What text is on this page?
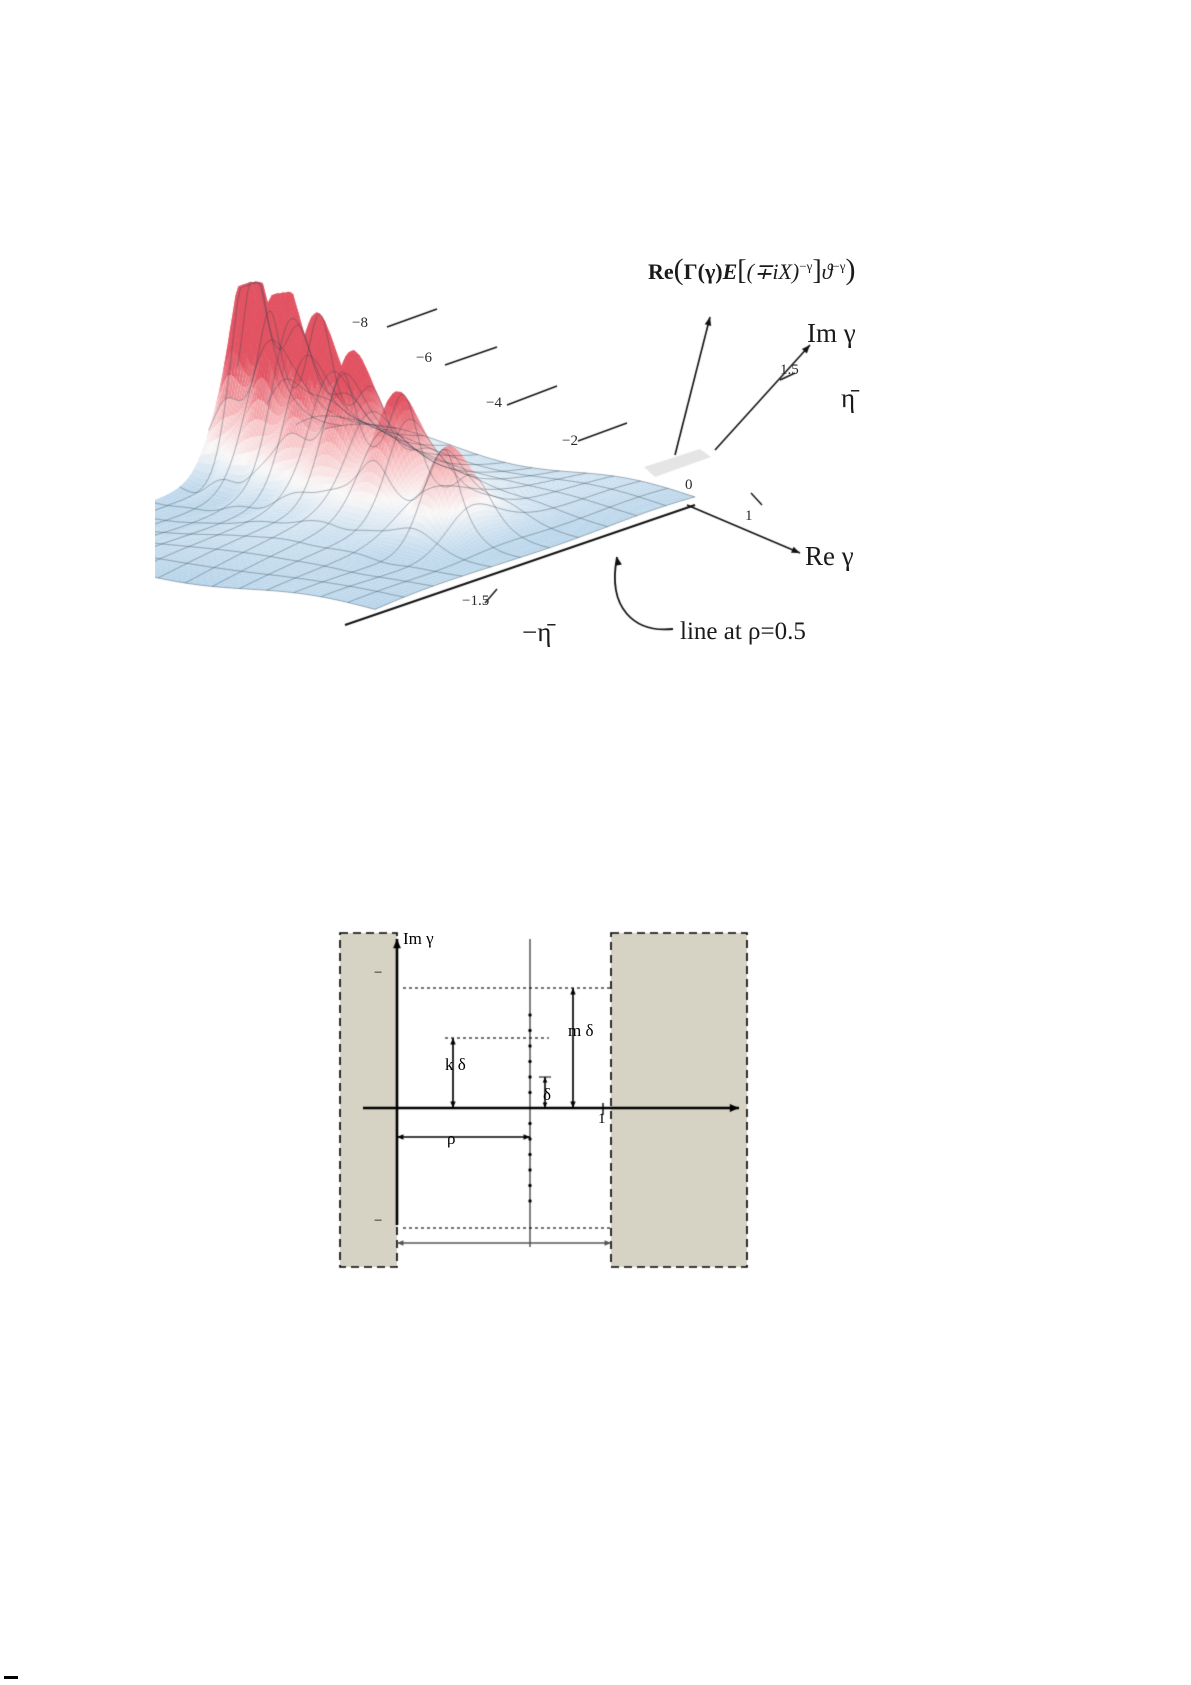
−8
−6
−4
−2
0
1.5
1
−1.5
$Re(\Gamma(\gamma)E[(\mp iX)^{-\gamma}]ϑ^{-\gamma})$
Im γ
η̄
Re γ
−η̄	line at ρ=0.5
Im γ
m δ
k δ
δ
ρ
1
−
−
